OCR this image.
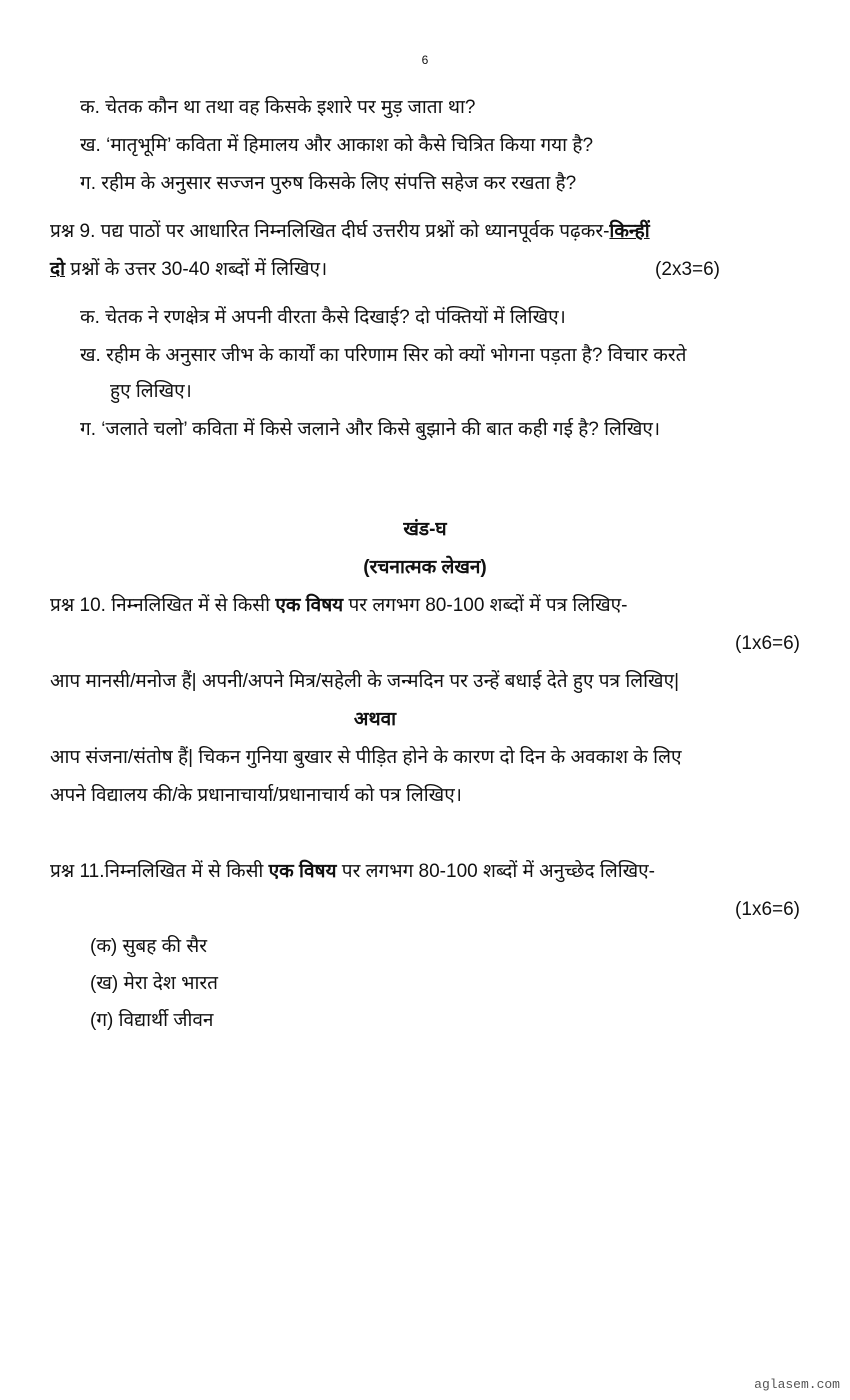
6
क. चेतक कौन था तथा वह किसके इशारे पर मुड़ जाता था?
ख. ‘मातृभूमि’ कविता में हिमालय और आकाश को कैसे चित्रित किया गया है?
ग. रहीम के अनुसार सज्जन पुरुष किसके लिए संपत्ति सहेज कर रखता है?
प्रश्न 9. पद्य पाठों पर आधारित निम्नलिखित दीर्घ उत्तरीय प्रश्नों को ध्यानपूर्वक पढ़कर-किन्हीं
दो प्रश्नों के उत्तर 30-40 शब्दों में लिखिए।	(2x3=6)
क. चेतक ने रणक्षेत्र में अपनी वीरता कैसे दिखाई? दो पंक्तियों में लिखिए।
ख. रहीम के अनुसार जीभ के कार्यों का परिणाम सिर को क्यों भोगना पड़ता है? विचार करते
हुए लिखिए।
ग. ‘जलाते चलो’ कविता में किसे जलाने और किसे बुझाने की बात कही गई है? लिखिए।
खंड-घ
(रचनात्मक लेखन)
प्रश्न 10. निम्नलिखित में से किसी एक विषय पर लगभग 80-100 शब्दों में पत्र लिखिए-
(1x6=6)
आप मानसी/मनोज हैं| अपनी/अपने मित्र/सहेली के जन्मदिन पर उन्हें बधाई देते हुए पत्र लिखिए|
अथवा
आप संजना/संतोष हैं| चिकन गुनिया बुखार से पीड़ित होने के कारण दो दिन के अवकाश के लिए
अपने विद्यालय की/के प्रधानाचार्या/प्रधानाचार्य को पत्र लिखिए।
प्रश्न 11.निम्नलिखित में से किसी एक विषय पर लगभग 80-100 शब्दों में अनुच्छेद लिखिए-
(1x6=6)
(क) सुबह की सैर
(ख) मेरा देश भारत
(ग) विद्यार्थी जीवन
aglasem.com
